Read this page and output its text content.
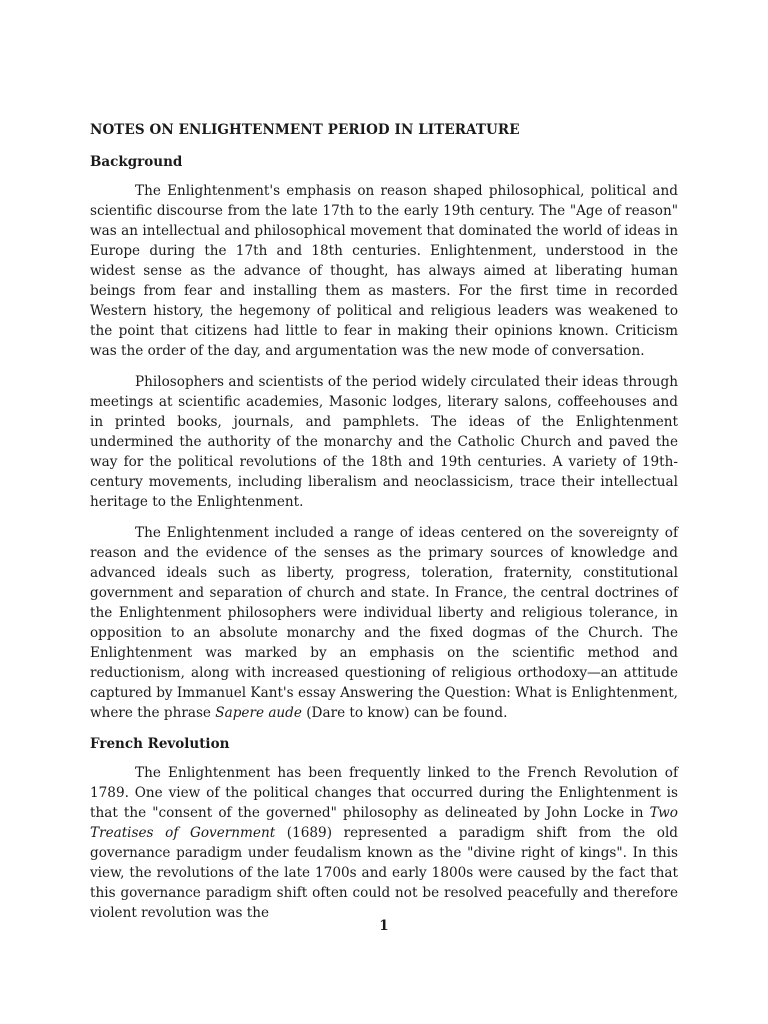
NOTES ON ENLIGHTENMENT PERIOD IN LITERATURE
Background

The Enlightenment's emphasis on reason shaped philosophical, political and scientific discourse from the late 17th to the early 19th century. The "Age of reason" was an intellectual and philosophical movement that dominated the world of ideas in Europe during the 17th and 18th centuries. Enlightenment, understood in the widest sense as the advance of thought, has always aimed at liberating human beings from fear and installing them as masters. For the first time in recorded Western history, the hegemony of political and religious leaders was weakened to the point that citizens had little to fear in making their opinions known. Criticism was the order of the day, and argumentation was the new mode of conversation.

Philosophers and scientists of the period widely circulated their ideas through meetings at scientific academies, Masonic lodges, literary salons, coffeehouses and in printed books, journals, and pamphlets. The ideas of the Enlightenment undermined the authority of the monarchy and the Catholic Church and paved the way for the political revolutions of the 18th and 19th centuries. A variety of 19th-century movements, including liberalism and neoclassicism, trace their intellectual heritage to the Enlightenment.

The Enlightenment included a range of ideas centered on the sovereignty of reason and the evidence of the senses as the primary sources of knowledge and advanced ideals such as liberty, progress, toleration, fraternity, constitutional government and separation of church and state. In France, the central doctrines of the Enlightenment philosophers were individual liberty and religious tolerance, in opposition to an absolute monarchy and the fixed dogmas of the Church. The Enlightenment was marked by an emphasis on the scientific method and reductionism, along with increased questioning of religious orthodoxy—an attitude captured by Immanuel Kant's essay Answering the Question: What is Enlightenment, where the phrase Sapere aude (Dare to know) can be found.

French Revolution

The Enlightenment has been frequently linked to the French Revolution of 1789. One view of the political changes that occurred during the Enlightenment is that the "consent of the governed" philosophy as delineated by John Locke in Two Treatises of Government (1689) represented a paradigm shift from the old governance paradigm under feudalism known as the "divine right of kings". In this view, the revolutions of the late 1700s and early 1800s were caused by the fact that this governance paradigm shift often could not be resolved peacefully and therefore violent revolution was the

1
